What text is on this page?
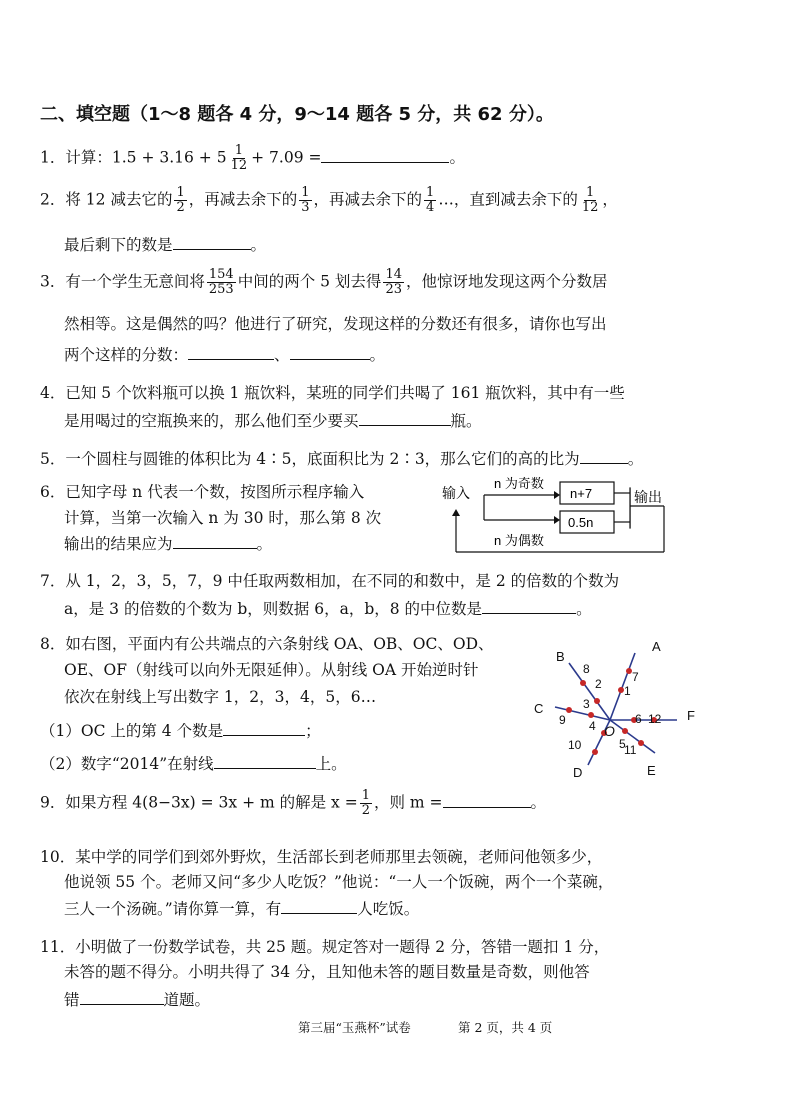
二、填空题（1～8 题各 4 分，9～14 题各 5 分，共 62 分）。
1．计算：$1.5 + 3.16 + 5 \frac{1}{12} + 7.09$ =	。
2．将 12 减去它的 $\frac{1}{2}$ ，再减去余下的 $\frac{1}{3}$ ，再减去余下的 $\frac{1}{4}$ …，直到减去余下的 $\frac{1}{12}$ ，
最后剩下的数是	。
3．有一个学生无意间将 $\frac{154}{253}$ 中间的两个 5 划去得 $\frac{14}{23}$ ，他惊讶地发现这两个分数居
然相等。这是偶然的吗？他进行了研究，发现这样的分数还有很多，请你也写出
两个这样的分数：	、	。
4．已知 5 个饮料瓶可以换 1 瓶饮料，某班的同学们共喝了 161 瓶饮料，其中有一些
是用喝过的空瓶换来的，那么他们至少要买	瓶。
5．一个圆柱与圆锥的体积比为 4∶5，底面积比为 2∶3，那么它们的高的比为	。
6．已知字母 n 代表一个数，按图所示程序输入
计算，当第一次输入 n 为 30 时，那么第 8 次
输出的结果应为	。
输入
n 为奇数
n 为偶数
n+7
0.5n
输出
7．从 1，2，3，5，7，9 中任取两数相加，在不同的和数中，是 2 的倍数的个数为
a，是 3 的倍数的个数为 b，则数据 6，a，b，8 的中位数是	。
8．如右图，平面内有公共端点的六条射线 OA、OB、OC、OD、
OE、OF（射线可以向外无限延伸）。从射线 OA 开始逆时针
依次在射线上写出数字 1，2，3，4，5，6…
（1）OC 上的第 4 个数是	；
（2）数字“2014”在射线	上。
A
B
C
D	E
F
O
1
2
3
4
5
6
7
8
9
10	11
12
9．如果方程 4(8−3x) = 3x + m 的解是 $x = \frac{1}{2}$ ，则 m =	。
10．某中学的同学们到郊外野炊，生活部长到老师那里去领碗，老师问他领多少，
他说领 55 个。老师又问“多少人吃饭？”他说：“一人一个饭碗，两个一个菜碗，
三人一个汤碗。”请你算一算，有	人吃饭。
11．小明做了一份数学试卷，共 25 题。规定答对一题得 2 分，答错一题扣 1 分，
未答的题不得分。小明共得了 34 分，且知他未答的题目数量是奇数，则他答
错	道题。
第三届“玉燕杯”试卷	第 2 页，共 4 页
